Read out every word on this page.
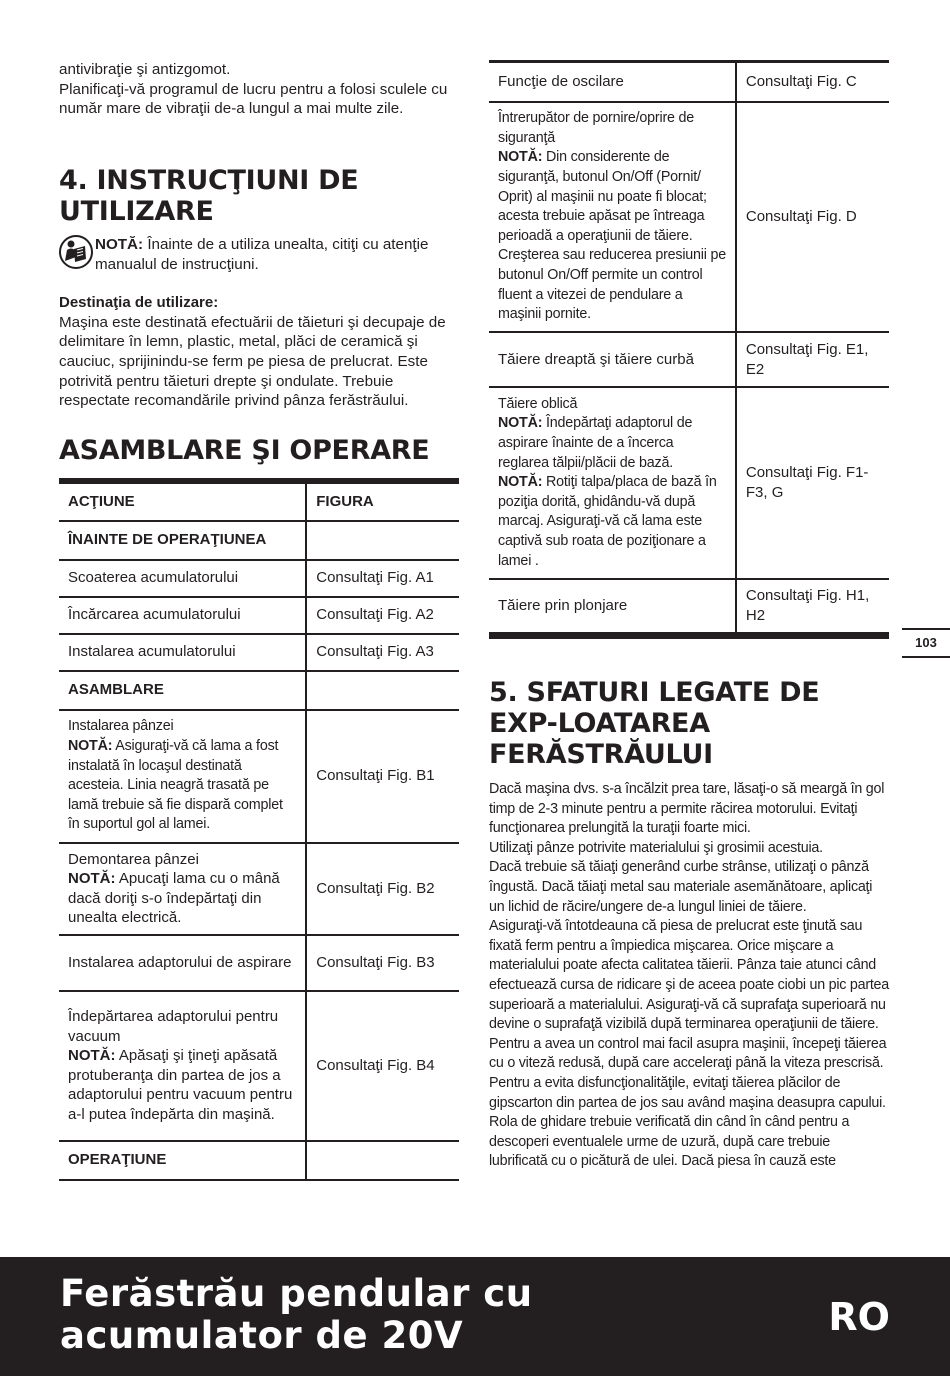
antivibraţie şi antizgomot.
Planificaţi-vă programul de lucru pentru a folosi sculele cu număr mare de vibraţii de-a lungul a mai multe zile.

4. INSTRUCŢIUNI DE UTILIZARE
NOTĂ: Înainte de a utiliza unealta, citiţi cu atenţie manualul de instrucţiuni.
Destinaţia de utilizare:

Maşina este destinată efectuării de tăieturi şi decupaje de delimitare în lemn, plastic, metal, plăci de ceramică şi cauciuc, sprijinindu-se ferm pe piesa de prelucrat. Este potrivită pentru tăieturi drepte şi ondulate. Trebuie respectate recomandările privind pânza ferăstrăului.

ASAMBLARE ŞI OPERARE
ACŢIUNE	FIGURA
ÎNAINTE DE OPERAŢIUNEA	
Scoaterea acumulatorului	Consultaţi Fig. A1
Încărcarea acumulatorului	Consultaţi Fig. A2
Instalarea acumulatorului	Consultaţi Fig. A3
ASAMBLARE	

Instalarea pânzei
NOTĂ: Asiguraţi-vă că lama a fost instalată în locaşul destinată acesteia. Linia neagră trasată pe lamă trebuie să fie dispară complet în suportul gol al lamei.	Consultaţi Fig. B1

Demontarea pânzei
NOTĂ: Apucaţi lama cu o mână dacă doriţi s-o îndepărtaţi din unealta electrică.	Consultaţi Fig. B2
Instalarea adaptorului de aspirare	Consultaţi Fig. B3

Îndepărtarea adaptorului pentru vacuum
NOTĂ: Apăsaţi şi ţineţi apăsată protuberanţa din partea de jos a adaptorului pentru vacuum pentru a-l putea îndepărta din maşină.	Consultaţi Fig. B4
OPERAŢIUNE	
Funcţie de oscilare	Consultaţi Fig. C

Întrerupător de pornire/oprire de siguranţă
NOTĂ: Din considerente de siguranţă, butonul On/Off (Pornit/ Oprit) al maşinii nu poate fi blocat; acesta trebuie apăsat pe întreaga perioadă a operaţiunii de tăiere. Creşterea sau reducerea presiunii pe butonul On/Off permite un control fluent a vitezei de pendulare a maşinii pornite.	Consultaţi Fig. D
Tăiere dreaptă şi tăiere curbă	Consultaţi Fig. E1, E2

Tăiere oblică
NOTĂ: Îndepărtaţi adaptorul de aspirare înainte de a încerca reglarea tălpii/plăcii de bază.
NOTĂ: Rotiţi talpa/placa de bază în poziţia dorită, ghidându-vă după marcaj. Asiguraţi-vă că lama este captivă sub roata de poziţionare a lamei .	Consultaţi Fig. F1-F3, G
Tăiere prin plonjare	Consultaţi Fig. H1, H2
5. SFATURI LEGATE DE EXP-LOATAREA FERĂSTRĂULUI

Dacă maşina dvs. s-a încălzit prea tare, lăsaţi-o să meargă în gol timp de 2-3 minute pentru a permite răcirea motorului. Evitaţi funcţionarea prelungită la turaţii foarte mici.

Utilizaţi pânze potrivite materialului şi grosimii acestuia.

Dacă trebuie să tăiaţi generând curbe strânse, utilizaţi o pânză îngustă. Dacă tăiaţi metal sau materiale asemănătoare, aplicaţi un lichid de răcire/ungere de-a lungul liniei de tăiere.

Asiguraţi-vă întotdeauna că piesa de prelucrat este ţinută sau fixată ferm pentru a împiedica mişcarea. Orice mişcare a materialului poate afecta calitatea tăierii. Pânza taie atunci când efectuează cursa de ridicare şi de aceea poate ciobi un pic partea superioară a materialului. Asiguraţi-vă că suprafaţa superioară nu devine o suprafaţă vizibilă după terminarea operaţiunii de tăiere.

Pentru a avea un control mai facil asupra maşinii, începeţi tăierea cu o viteză redusă, după care acceleraţi până la viteza prescrisă.

Pentru a evita disfuncţionalităţile, evitaţi tăierea plăcilor de gipscarton din partea de jos sau având maşina deasupra capului.

Rola de ghidare trebuie verificată din când în când pentru a descoperi eventualele urme de uzură, după care trebuie lubrificată cu o picătură de ulei. Dacă piesa în cauză este

103
Ferăstrău pendular cu
acumulator de 20V	RO
